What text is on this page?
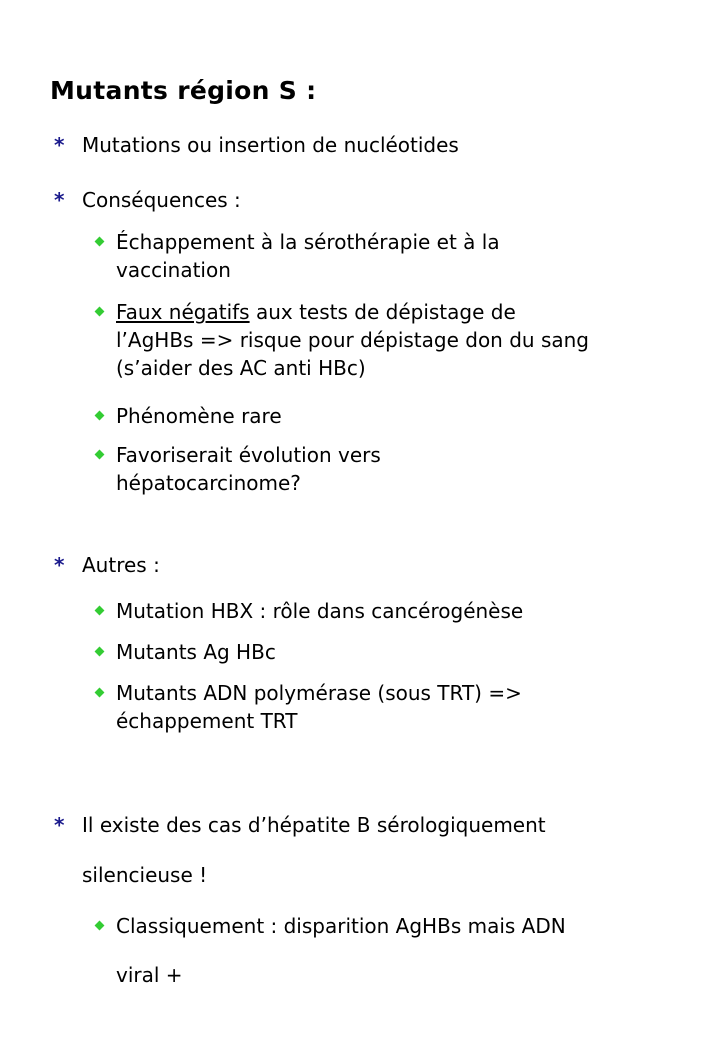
Mutants région S :
* Mutations ou insertion de nucléotides
* Conséquences :
Échappement à la sérothérapie et à la
vaccination
Faux négatifs aux tests de dépistage de
l’AgHBs => risque pour dépistage don du sang
(s’aider des AC anti HBc)
Phénomène rare
Favoriserait évolution vers
hépatocarcinome?
* Autres :
Mutation HBX : rôle dans cancérogénèse
Mutants Ag HBc
Mutants ADN polymérase (sous TRT) =>
échappement TRT
* Il existe des cas d’hépatite B sérologiquement
silencieuse !
Classiquement : disparition AgHBs mais ADN
viral +
